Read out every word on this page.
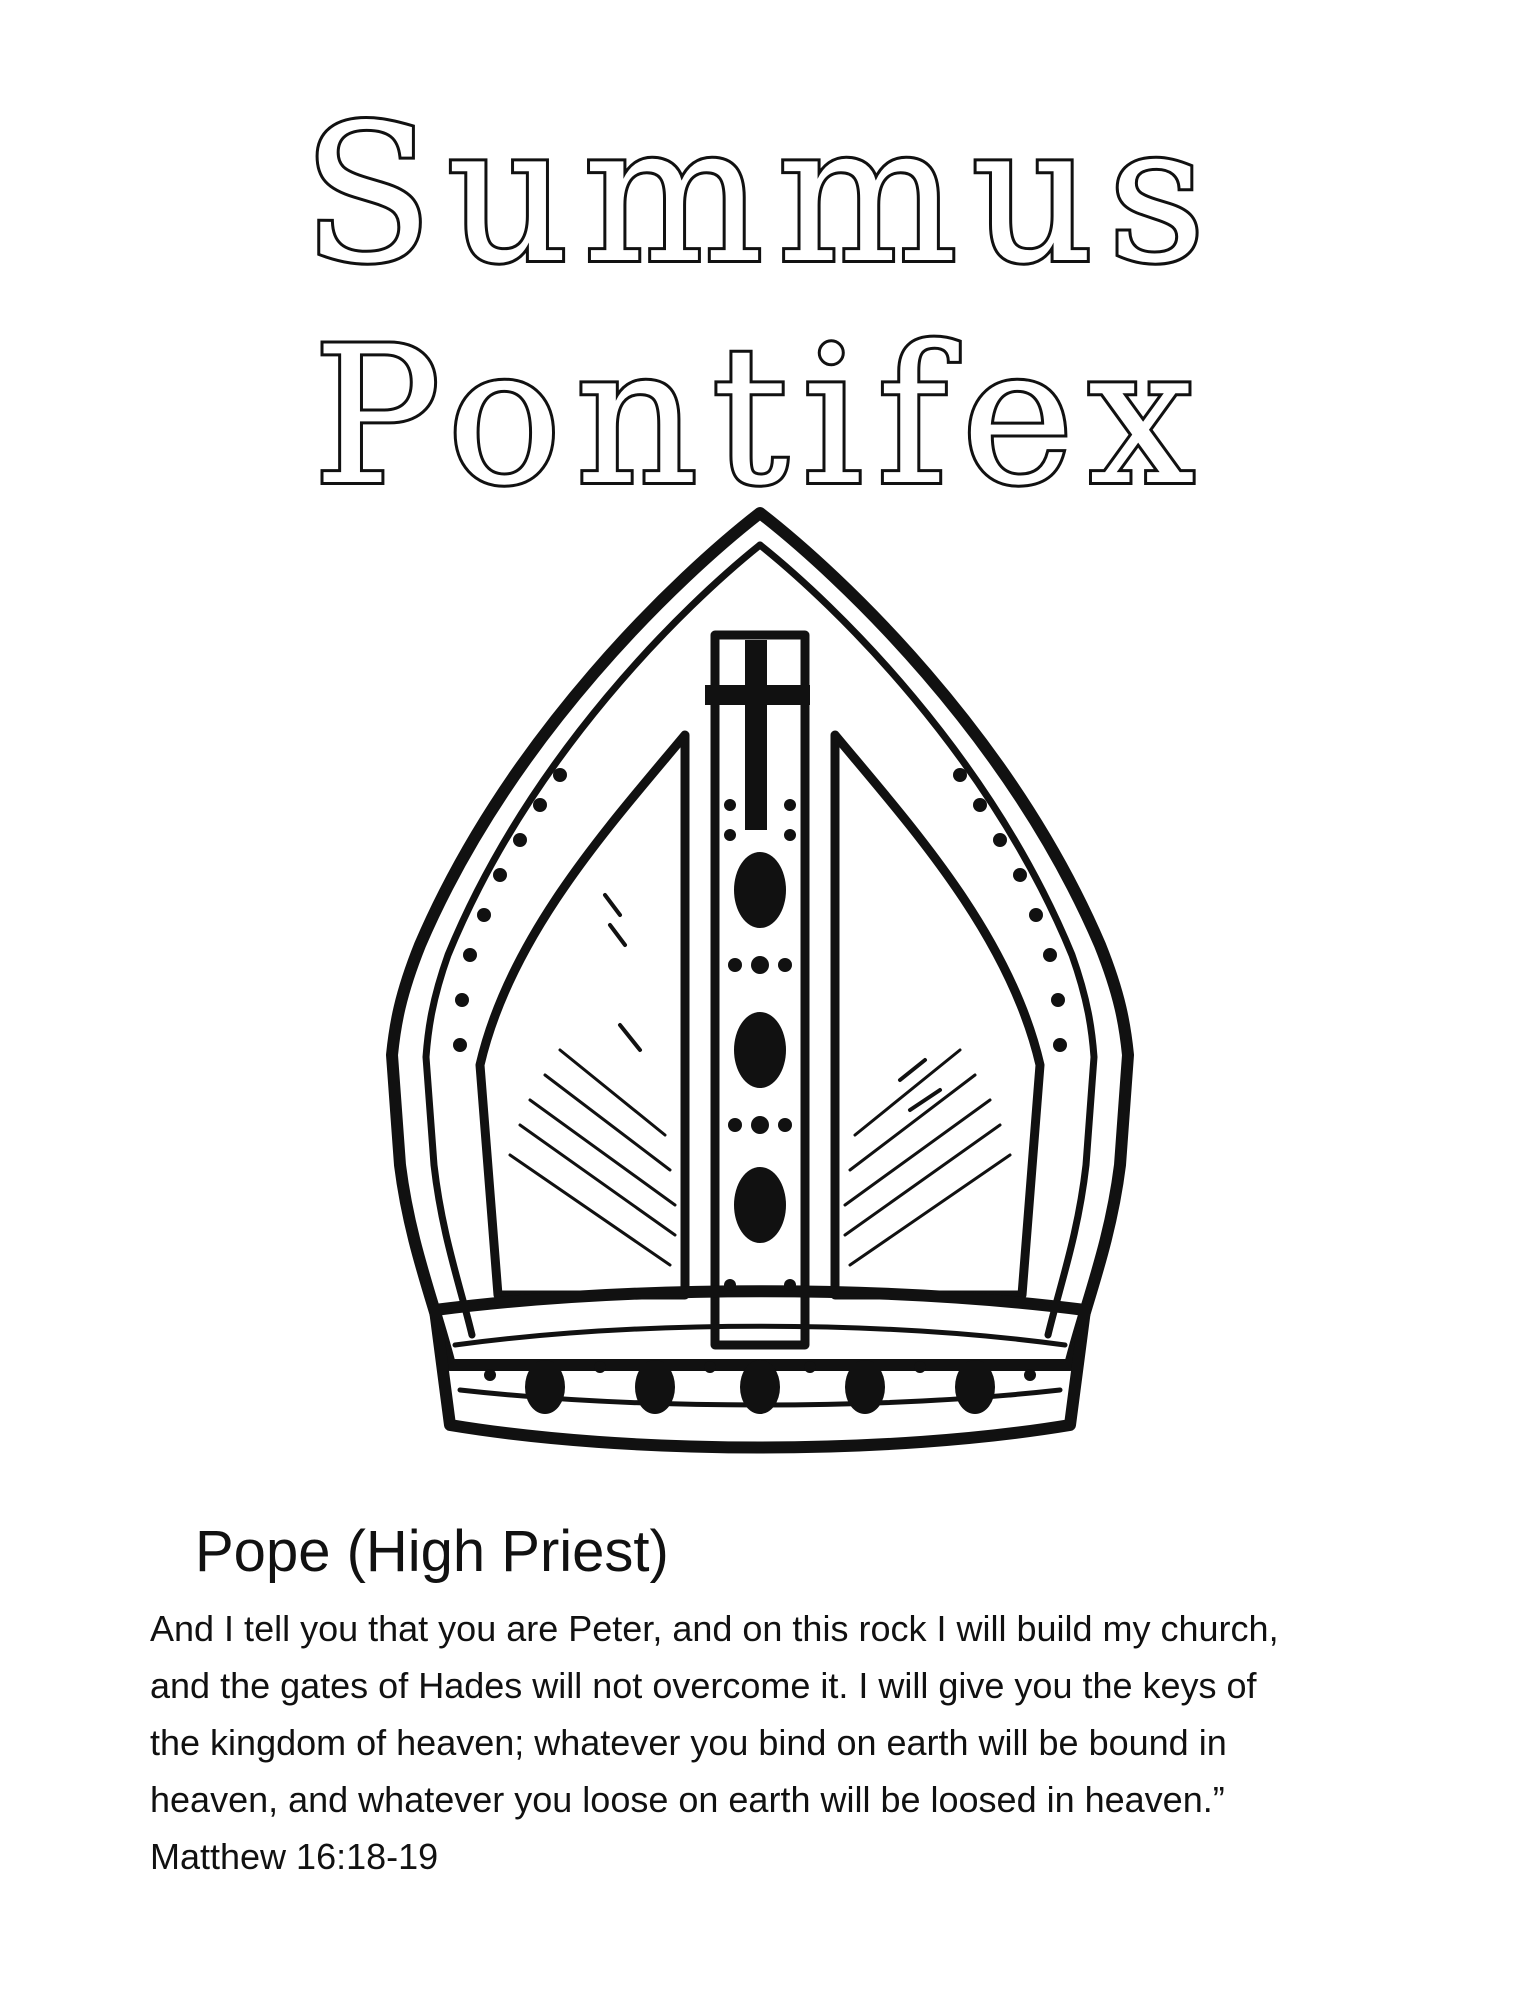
Summus
Pontifex
Pope (High Priest)
And I tell you that you are Peter, and on this rock I will build my church,
and the gates of Hades will not overcome it. I will give you the keys of
the kingdom of heaven; whatever you bind on earth will be bound in
heaven, and whatever you loose on earth will be loosed in heaven.”
Matthew 16:18-19
